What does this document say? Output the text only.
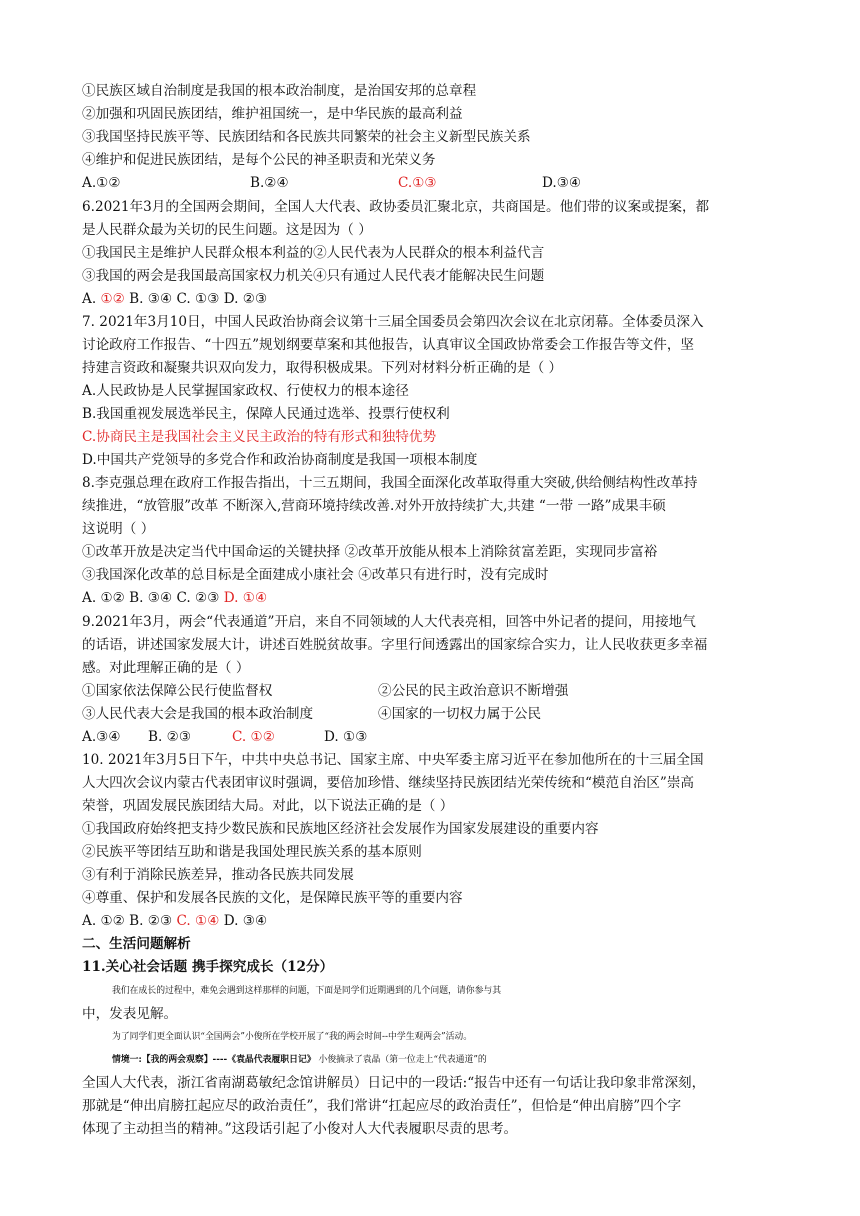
①民族区域自治制度是我国的根本政治制度，是治国安邦的总章程
②加强和巩固民族团结，维护祖国统一，是中华民族的最高利益
③我国坚持民族平等、民族团结和各民族共同繁荣的社会主义新型民族关系
④维护和促进民族团结，是每个公民的神圣职责和光荣义务
A.①②	B.②④	C.①③	D.③④
6.2021年3月的全国两会期间，全国人大代表、政协委员汇聚北京，共商国是。他们带的议案或提案，都
是人民群众最为关切的民生问题。这是因为（ ）
①我国民主是维护人民群众根本利益的②人民代表为人民群众的根本利益代言
③我国的两会是我国最高国家权力机关④只有通过人民代表才能解决民生问题
A. ①② B. ③④ C. ①③ D. ②③
7. 2021年3月10日，中国人民政治协商会议第十三届全国委员会第四次会议在北京闭幕。全体委员深入
讨论政府工作报告、“十四五”规划纲要草案和其他报告，认真审议全国政协常委会工作报告等文件，坚
持建言资政和凝聚共识双向发力，取得积极成果。下列对材料分析正确的是（ ）
A.人民政协是人民掌握国家政权、行使权力的根本途径
B.我国重视发展选举民主，保障人民通过选举、投票行使权利
C.协商民主是我国社会主义民主政治的特有形式和独特优势
D.中国共产党领导的多党合作和政治协商制度是我国一项根本制度
8.李克强总理在政府工作报告指出，十三五期间，我国全面深化改革取得重大突破,供给侧结构性改革持
续推进，“放管服”改革 不断深入,营商环境持续改善.对外开放持续扩大,共建 “一带 一路”成果丰硕
这说明（ ）
①改革开放是决定当代中国命运的关键抉择 ②改革开放能从根本上消除贫富差距，实现同步富裕
③我国深化改革的总目标是全面建成小康社会 ④改革只有进行时，没有完成时
A. ①② B. ③④ C. ②③ D. ①④
9.2021年3月，两会“代表通道”开启，来自不同领域的人大代表亮相，回答中外记者的提问，用接地气
的话语，讲述国家发展大计，讲述百姓脱贫故事。字里行间透露出的国家综合实力，让人民收获更多幸福
感。对此理解正确的是（ ）
①国家依法保障公民行使监督权	②公民的民主政治意识不断增强
③人民代表大会是我国的根本政治制度	④国家的一切权力属于公民
A.③④ B. ②③	C. ①②	D. ①③
10. 2021年3月5日下午，中共中央总书记、国家主席、中央军委主席习近平在参加他所在的十三届全国
人大四次会议内蒙古代表团审议时强调，要倍加珍惜、继续坚持民族团结光荣传统和“模范自治区”崇高
荣誉，巩固发展民族团结大局。对此，以下说法正确的是（ ）
①我国政府始终把支持少数民族和民族地区经济社会发展作为国家发展建设的重要内容
②民族平等团结互助和谐是我国处理民族关系的基本原则
③有利于消除民族差异，推动各民族共同发展
④尊重、保护和发展各民族的文化，是保障民族平等的重要内容
A. ①② B. ②③ C. ①④ D. ③④
二、生活问题解析
11.关心社会话题 携手探究成长（12分）
我们在成长的过程中，难免会遇到这样那样的问题，下面是同学们近期遇到的几个问题，请你参与其
中，发表见解。
为了同学们更全面认识“全国两会”小俊所在学校开展了“我的两会时间--中学生观两会”活动。
情境一:【我的两会观察】----《袁晶代表履职日记》 小俊摘录了袁晶（第一位走上“代表通道”的
全国人大代表，浙江省南湖葛敏纪念馆讲解员）日记中的一段话:“报告中还有一句话让我印象非常深刻，
那就是“伸出肩膀扛起应尽的政治责任”，我们常讲“扛起应尽的政治责任”，但恰是“伸出肩膀”四个字
体现了主动担当的精神。”这段话引起了小俊对人大代表履职尽责的思考。
